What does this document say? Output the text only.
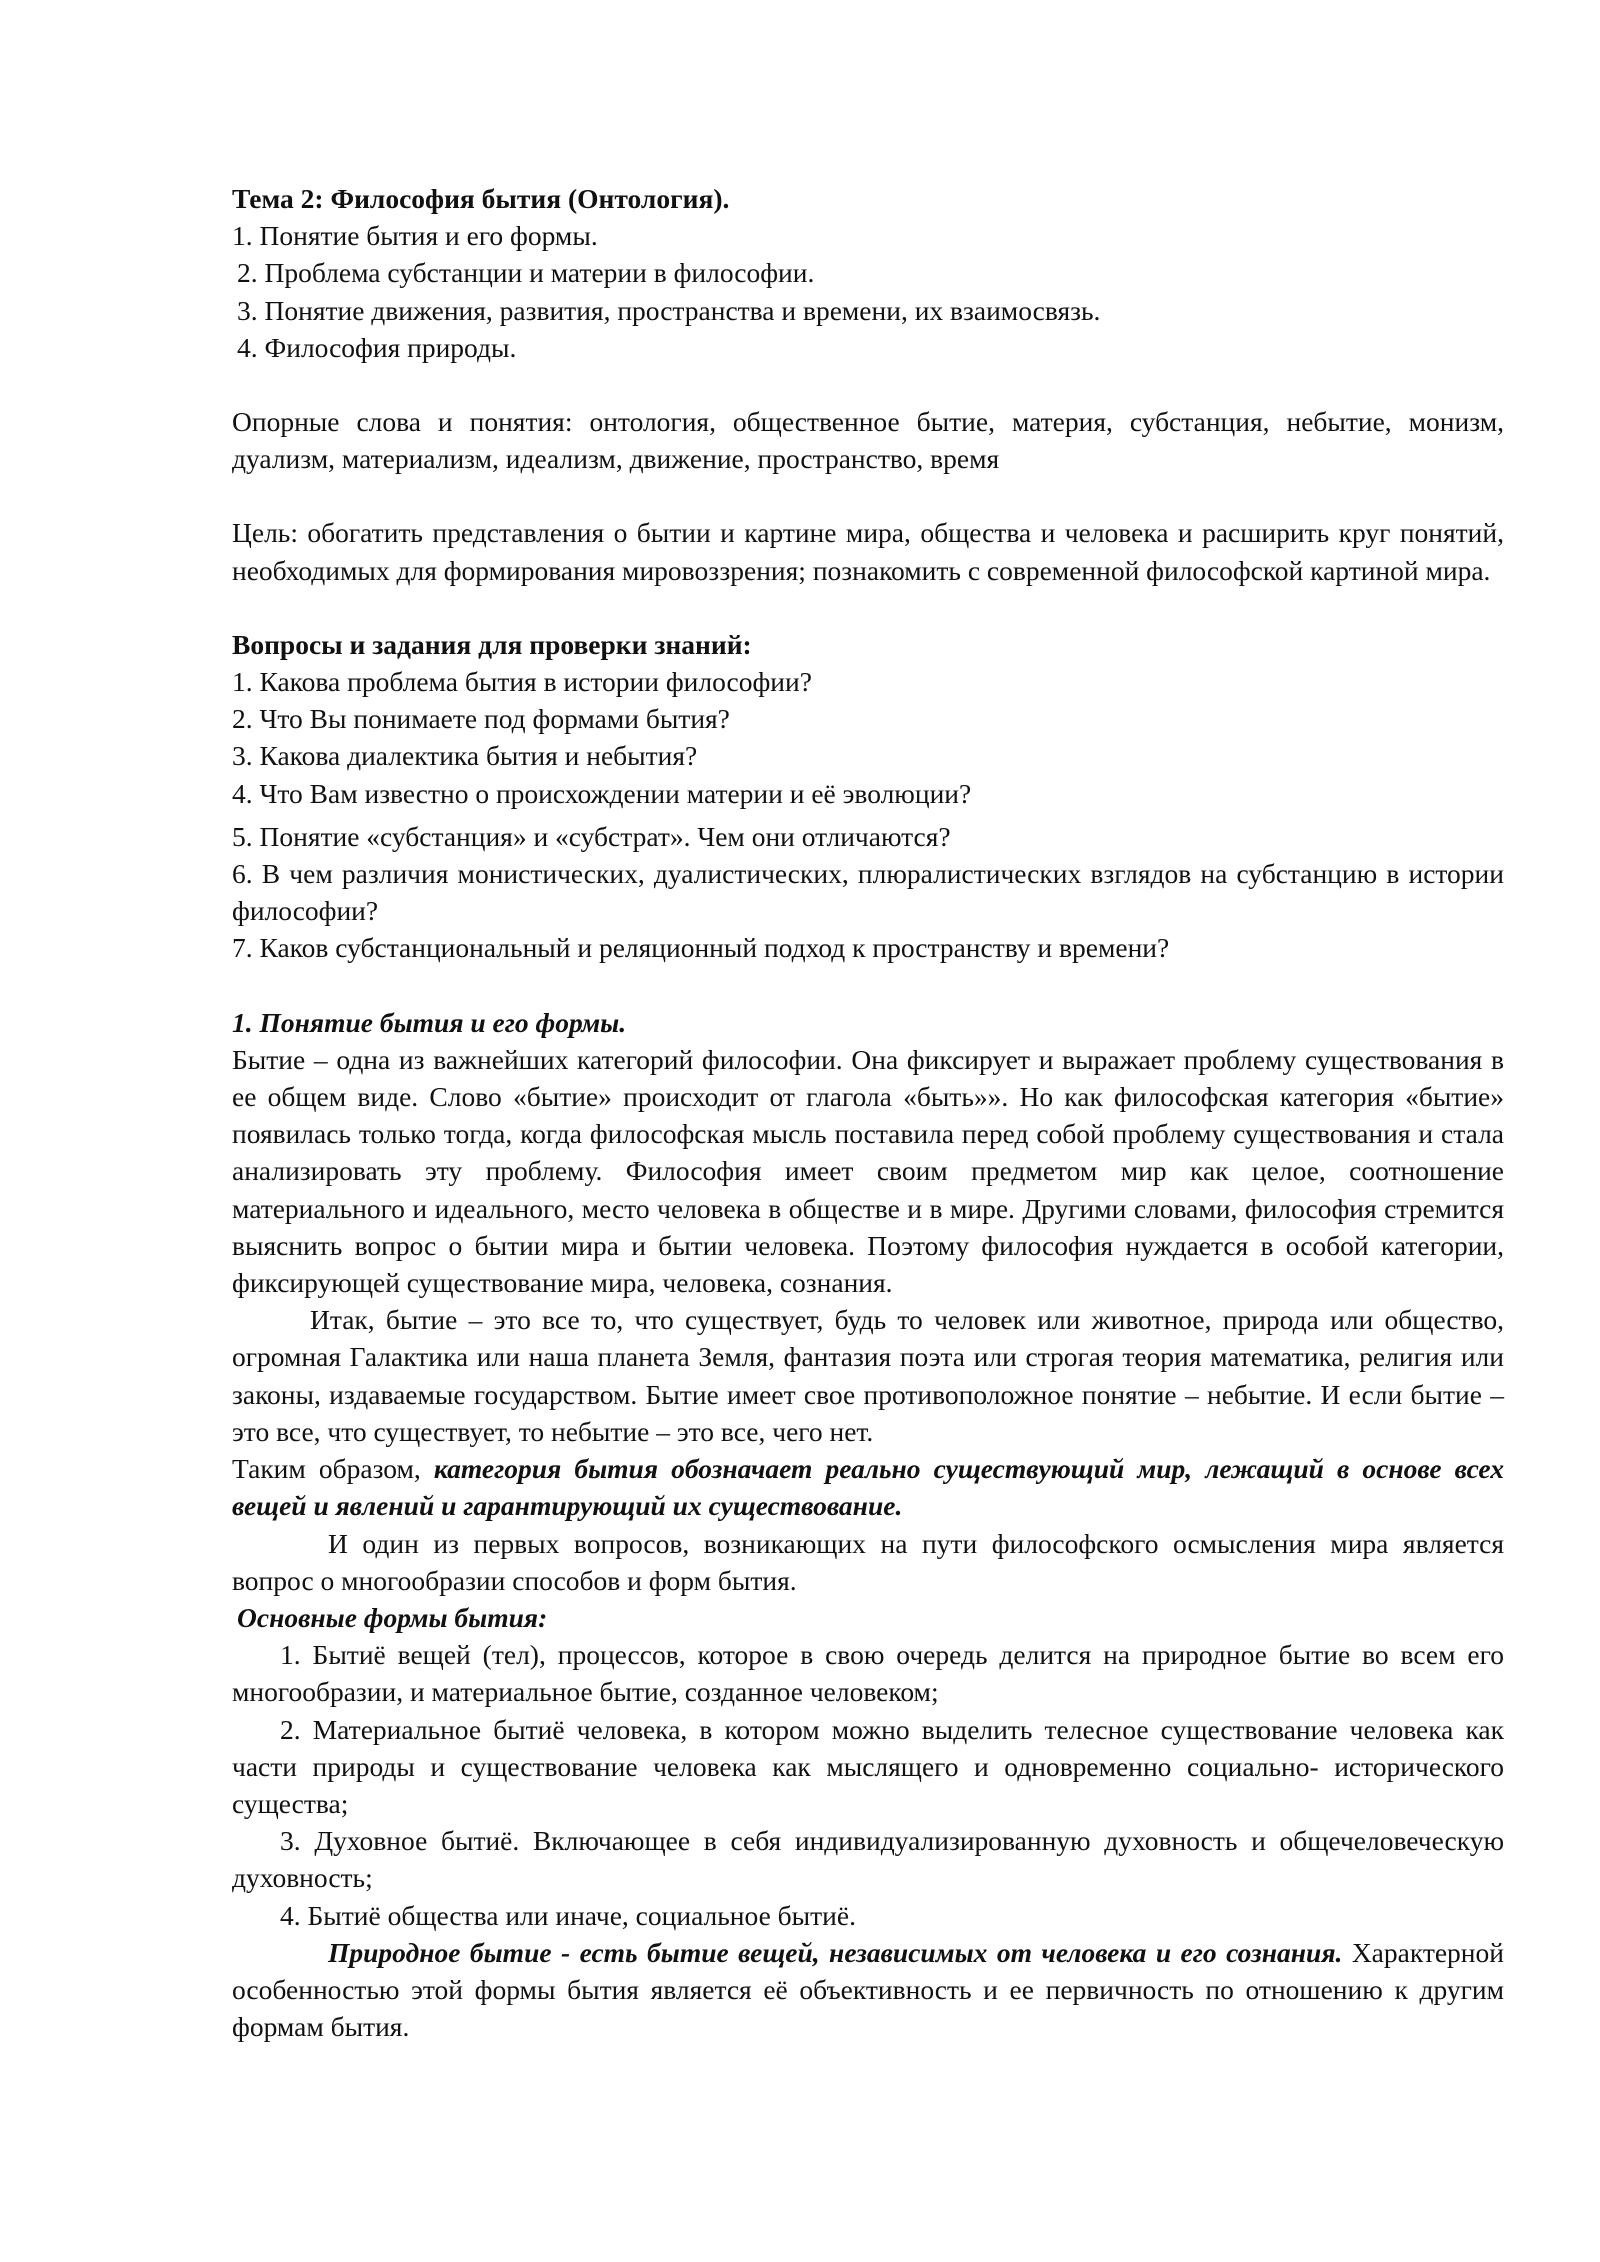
Тема 2: Философия бытия (Онтология).

1. Понятие бытия и его формы.

2. Проблема субстанции и материи в философии.

3. Понятие движения, развития, пространства и времени, их взаимосвязь.

4. Философия природы.

Опорные слова и понятия: онтология, общественное бытие, материя, субстанция, небытие, монизм, дуализм, материализм, идеализм, движение, пространство, время

Цель: обогатить представления о бытии и картине мира, общества и человека и расширить круг понятий, необходимых для формирования мировоззрения; познакомить с современной философской картиной мира.

Вопросы и задания для проверки знаний:

1. Какова проблема бытия в истории философии?

2. Что Вы понимаете под формами бытия?

3. Какова диалектика бытия и небытия?

4. Что Вам известно о происхождении материи и её эволюции?

5. Понятие «субстанция» и «субстрат». Чем они отличаются?

6. В чем различия монистических, дуалистических, плюралистических взглядов на субстанцию в истории философии?

7. Каков субстанциональный и реляционный подход к пространству и времени?

1. Понятие бытия и его формы.

Бытие – одна из важнейших категорий философии. Она фиксирует и выражает проблему существования в ее общем виде. Слово «бытие» происходит от глагола «быть»». Но как философская категория «бытие» появилась только тогда, когда философская мысль поставила перед собой проблему существования и стала анализировать эту проблему. Философия имеет своим предметом мир как целое, соотношение материального и идеального, место человека в обществе и в мире. Другими словами, философия стремится выяснить вопрос о бытии мира и бытии человека. Поэтому философия нуждается в особой категории, фиксирующей существование мира, человека, сознания.

Итак, бытие – это все то, что существует, будь то человек или животное, природа или общество, огромная Галактика или наша планета Земля, фантазия поэта или строгая теория математика, религия или законы, издаваемые государством. Бытие имеет свое противоположное понятие – небытие. И если бытие – это все, что существует, то небытие – это все, чего нет.

Таким образом, категория бытия обозначает реально существующий мир, лежащий в основе всех вещей и явлений и гарантирующий их существование.

И один из первых вопросов, возникающих на пути философского осмысления мира является вопрос о многообразии способов и форм бытия.

Основные формы бытия:

1. Бытиё вещей (тел), процессов, которое в свою очередь делится на природное бытие во всем его многообразии, и материальное бытие, созданное человеком;

2. Материальное бытиё человека, в котором можно выделить телесное существование человека как части природы и существование человека как мыслящего и одновременно социально- исторического существа;

3. Духовное бытиё. Включающее в себя индивидуализированную духовность и общечеловеческую духовность;

4. Бытиё общества или иначе, социальное бытиё.

Природное бытие - есть бытие вещей, независимых от человека и его сознания. Характерной особенностью этой формы бытия является её объективность и ее первичность по отношению к другим формам бытия.
